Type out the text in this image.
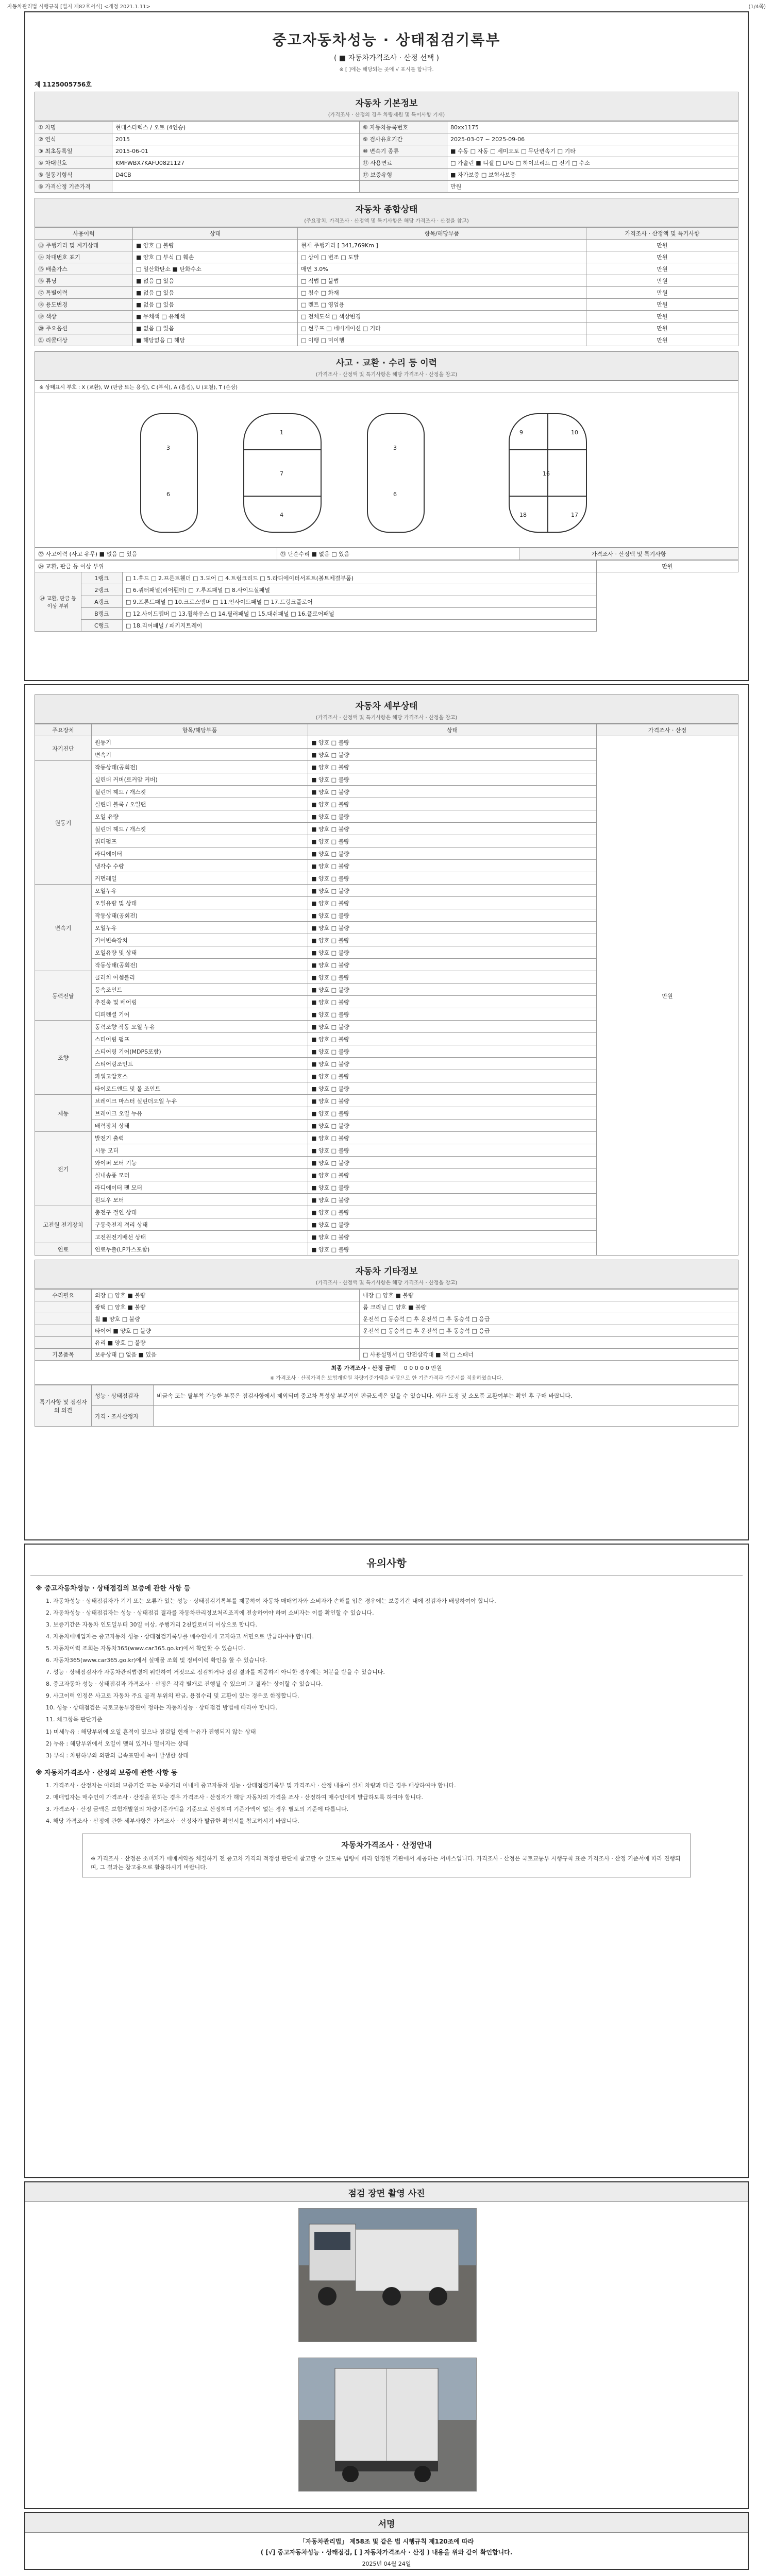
자동차관리법 시행규칙 [별지 제82호서식] <개정 2021.1.11>	(1/4쪽)
중고자동차성능 · 상태점검기록부
( ■ 자동차가격조사 · 산정 선택 )
※ [ ]에는 해당되는 곳에 √ 표시를 합니다.
제 1125005756호
자동차 기본정보
(가격조사 · 산정의 경우 차량제원 및 특이사항 기재)
① 차명	현대스타렉스 / 오토 (4인승)	⑧ 자동차등록번호	80xx1175
② 연식	2015	⑨ 검사유효기간	2025-03-07 ~ 2025-09-06
③ 최초등록일	2015-06-01	⑩ 변속기 종류	■ 수동 □ 자동 □ 세미오토 □ 무단변속기 □ 기타
④ 차대번호	KMFWBX7KAFU0821127	⑪ 사용연료	□ 가솔린 ■ 디젤 □ LPG □ 하이브리드 □ 전기 □ 수소
⑤ 원동기형식	D4CB	⑫ 보증유형	■ 자가보증 □ 보험사보증
⑥ 가격산정 기준가격			만원
자동차 종합상태
(주요장치, 가격조사 · 산정액 및 특기사항은 해당 가격조사 · 산정을 참고)
사용이력	상태	항목/해당부품	가격조사 · 산정액 및 특기사항
⑬ 주행거리 및 계기상태	■ 양호 □ 불량	현재 주행거리 [ 341,769Km ]	만원
⑭ 차대번호 표기	■ 양호 □ 부식 □ 훼손	□ 상이 □ 변조 □ 도말	만원
⑮ 배출가스	□ 일산화탄소 ■ 탄화수소	매연 3.0%	만원
⑯ 튜닝	■ 없음 □ 있음	□ 적법 □ 불법	만원
⑰ 특별이력	■ 없음 □ 있음	□ 침수 □ 화재	만원
⑱ 용도변경	■ 없음 □ 있음	□ 렌트 □ 영업용	만원
⑲ 색상	■ 무채색 □ 유채색	□ 전체도색 □ 색상변경	만원
⑳ 주요옵션	■ 없음 □ 있음	□ 썬루프 □ 네비게이션 □ 기타	만원
㉑ 리콜대상	■ 해당없음 □ 해당	□ 이행 □ 미이행	만원
사고 · 교환 · 수리 등 이력
(가격조사 · 산정액 및 특기사항은 해당 가격조사 · 산정을 참고)
※ 상태표시 부호 : X (교환), W (판금 또는 용접), C (부식), A (흠집), U (요철), T (손상)
1
7
4
3
6
3
6
9	10
16
18	17
㉒ 사고이력 (사고 유무) ■ 없음 □ 있음	㉓ 단순수리 ■ 없음 □ 있음	가격조사 · 산정액 및 특기사항
㉔ 교환, 판금 등 이상 부위			만원
㉔ 교환, 판금 등 이상 부위	1랭크	□ 1.후드 □ 2.프론트휀더 □ 3.도어 □ 4.트렁크리드 □ 5.라디에이터서포트(볼트체결부품)	
	2랭크	□ 6.쿼터패널(리어휀더) □ 7.루프패널 □ 8.사이드실패널	
	A랭크	□ 9.프론트패널 □ 10.크로스멤버 □ 11.인사이드패널 □ 17.트렁크플로어	
	B랭크	□ 12.사이드멤버 □ 13.휠하우스 □ 14.필러패널 □ 15.대쉬패널 □ 16.플로어패널	
	C랭크	□ 18.리어패널 / 패키지트레이	
자동차 세부상태
(가격조사 · 산정액 및 특기사항은 해당 가격조사 · 산정을 참고)
주요장치	항목/해당부품	상태	가격조사 · 산정
자기진단	원동기	■ 양호 □ 불량	만원
	변속기	■ 양호 □ 불량	
원동기	작동상태(공회전)	■ 양호 □ 불량	
	실린더 커버(로커암 커버)	■ 양호 □ 불량	
	실린더 헤드 / 개스킷	■ 양호 □ 불량	
	실린더 블록 / 오일팬	■ 양호 □ 불량	
	오일 유량	■ 양호 □ 불량	
	실린더 헤드 / 개스킷	■ 양호 □ 불량	
	워터펌프	■ 양호 □ 불량	
	라디에이터	■ 양호 □ 불량	
	냉각수 수량	■ 양호 □ 불량	
	커먼레일	■ 양호 □ 불량	
변속기	오일누유	■ 양호 □ 불량	
	오일유량 및 상태	■ 양호 □ 불량	
	작동상태(공회전)	■ 양호 □ 불량	
	오일누유	■ 양호 □ 불량	
	기어변속장치	■ 양호 □ 불량	
	오일유량 및 상태	■ 양호 □ 불량	
	작동상태(공회전)	■ 양호 □ 불량	
동력전달	클러치 어셈블리	■ 양호 □ 불량	
	등속조인트	■ 양호 □ 불량	
	추진축 및 베어링	■ 양호 □ 불량	
	디퍼렌셜 기어	■ 양호 □ 불량	
조향	동력조향 작동 오일 누유	■ 양호 □ 불량	
	스티어링 펌프	■ 양호 □ 불량	
	스티어링 기어(MDPS포함)	■ 양호 □ 불량	
	스티어링조인트	■ 양호 □ 불량	
	파워고압호스	■ 양호 □ 불량	
	타이로드엔드 및 볼 조인트	■ 양호 □ 불량	
제동	브레이크 마스터 실린더오일 누유	■ 양호 □ 불량	
	브레이크 오일 누유	■ 양호 □ 불량	
	배력장치 상태	■ 양호 □ 불량	
전기	발전기 출력	■ 양호 □ 불량	
	시동 모터	■ 양호 □ 불량	
	와이퍼 모터 기능	■ 양호 □ 불량	
	실내송풍 모터	■ 양호 □ 불량	
	라디에이터 팬 모터	■ 양호 □ 불량	
	윈도우 모터	■ 양호 □ 불량	
고전원 전기장치	충전구 절연 상태	■ 양호 □ 불량	
	구동축전지 격리 상태	■ 양호 □ 불량	
	고전원전기배선 상태	■ 양호 □ 불량	
연료	연료누출(LP가스포함)	■ 양호 □ 불량	
자동차 기타정보
(가격조사 · 산정액 및 특기사항은 해당 가격조사 · 산정을 참고)
수리필요	외장 □ 양호 ■ 불량	내장 □ 양호 ■ 불량
	광택 □ 양호 ■ 불량	룸 크리닝 □ 양호 ■ 불량
	휠 ■ 양호 □ 불량	운전석 □ 동승석 □ 후 운전석 □ 후 동승석 □ 응급
	타이어 ■ 양호 □ 불량	운전석 □ 동승석 □ 후 운전석 □ 후 동승석 □ 응급
	유리 ■ 양호 □ 불량	
기본품목	보유상태 □ 없음 ■ 있음	□ 사용설명서 □ 안전삼각대 ■ 잭 □ 스패너
최종 가격조사 · 산정 금액 0 0 0 0 0 만원
※ 가격조사 · 산정가격은 보험개발원 차량기준가액을 바탕으로 한 기준가격과 기준서를 적용하였습니다.
특기사항 및 점검자의 의견	성능 · 상태점검자	비금속 또는 탈부착 가능한 부품은 점검사항에서 제외되며 중고차 특성상 부분적인 판금도색은 있을 수 있습니다. 외관 도장 및 소모품 교환여부는 확인 후 구매 바랍니다.
	가격 · 조사산정자	
유의사항
※ 중고자동차성능 · 상태점검의 보증에 관한 사항 등
1. 자동차성능 · 상태점검자가 기기 또는 오류가 있는 성능 · 상태점검기록부를 제공하여 자동차 매매업자와 소비자가 손해를 입은 경우에는 보증기간 내에 점검자가 배상하여야 합니다.
2. 자동차성능 · 상태점검자는 성능 · 상태점검 결과를 자동차관리정보처리조직에 전송하여야 하며 소비자는 이를 확인할 수 있습니다.
3. 보증기간은 자동차 인도일부터 30일 이상, 주행거리 2천킬로미터 이상으로 합니다.
4. 자동차매매업자는 중고자동차 성능 · 상태점검기록부를 매수인에게 고지하고 서면으로 발급하여야 합니다.
5. 자동차이력 조회는 자동차365(www.car365.go.kr)에서 확인할 수 있습니다.
6. 자동차365(www.car365.go.kr)에서 실매물 조회 및 정비이력 확인을 할 수 있습니다.
7. 성능 · 상태점검자가 자동차관리법령에 위반하여 거짓으로 점검하거나 점검 결과를 제공하지 아니한 경우에는 처분을 받을 수 있습니다.
8. 중고자동차 성능 · 상태점검과 가격조사 · 산정은 각각 별개로 진행될 수 있으며 그 결과는 상이할 수 있습니다.
9. 사고이력 인정은 사고로 자동차 주요 골격 부위의 판금, 용접수리 및 교환이 있는 경우로 한정합니다.
10. 성능 · 상태점검은 국토교통부장관이 정하는 자동차성능 · 상태점검 방법에 따라야 합니다.
11. 체크항목 판단기준
1) 미세누유 : 해당부위에 오일 흔적이 있으나 점검일 현재 누유가 진행되지 않는 상태
2) 누유 : 해당부위에서 오일이 맺혀 있거나 떨어지는 상태
3) 부식 : 차량하부와 외판의 금속표면에 녹이 발생한 상태
※ 자동차가격조사 · 산정의 보증에 관한 사항 등
1. 가격조사 · 산정자는 아래의 보증기간 또는 보증거리 이내에 중고자동차 성능 · 상태점검기록부 및 가격조사 · 산정 내용이 실제 차량과 다른 경우 배상하여야 합니다.
2. 매매업자는 매수인이 가격조사 · 산정을 원하는 경우 가격조사 · 산정자가 해당 자동차의 가격을 조사 · 산정하여 매수인에게 발급하도록 하여야 합니다.
3. 가격조사 · 산정 금액은 보험개발원의 차량기준가액을 기준으로 산정하며 기준가액이 없는 경우 별도의 기준에 따릅니다.
4. 해당 가격조사 · 산정에 관한 세부사항은 가격조사 · 산정자가 발급한 확인서를 참고하시기 바랍니다.
자동차가격조사 · 산정안내
※ 가격조사 · 산정은 소비자가 매매계약을 체결하기 전 중고차 가격의 적정성 판단에 참고할 수 있도록 법령에 따라 인정된 기관에서 제공하는 서비스입니다. 가격조사 · 산정은 국토교통부 시행규칙 표준 가격조사 · 산정 기준서에 따라 진행되며, 그 결과는 참고용으로 활용하시기 바랍니다.
점검 장면 촬영 사진
서명
「자동차관리법」 제58조 및 같은 법 시행규칙 제120조에 따라
( [√] 중고자동차성능 · 상태점검, [ ] 자동차가격조사 · 산정 ) 내용을 위와 같이 확인합니다.
2025년 04월 24일
